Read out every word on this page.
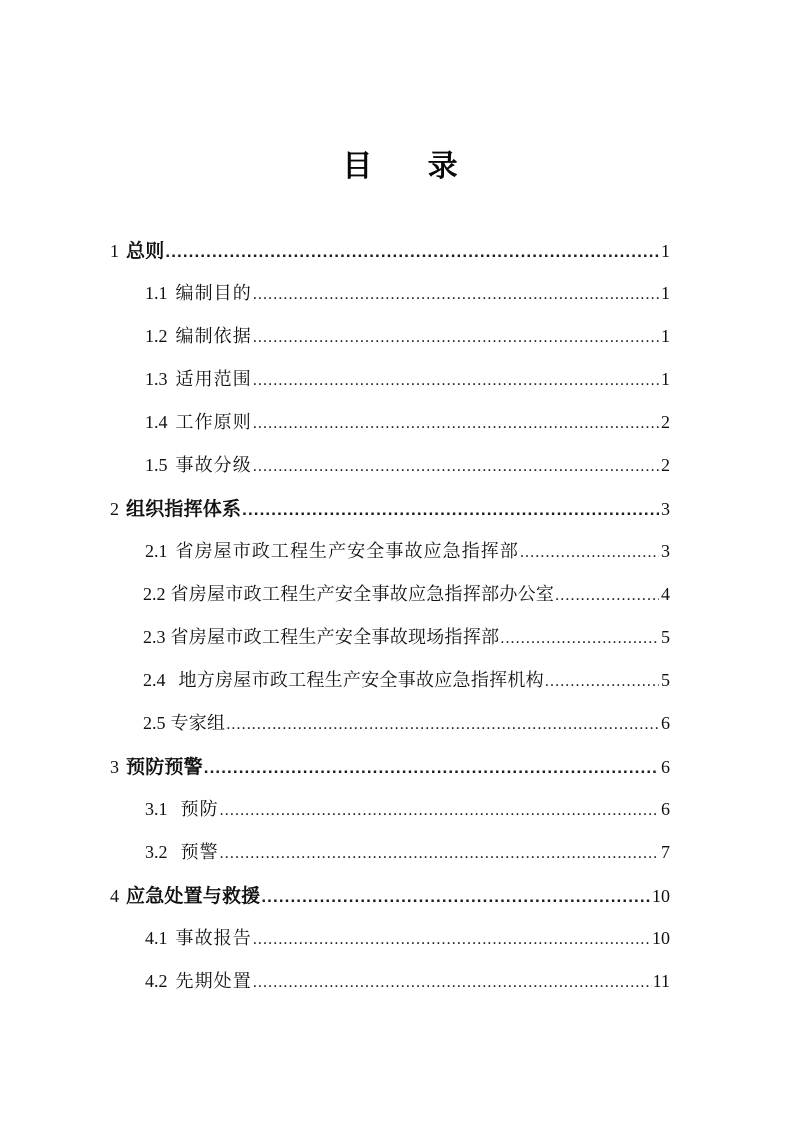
目　录
1 总则 .....	1
1.1 编制目的 .....	1
1.2 编制依据 .....	1
1.3 适用范围 .....	1
1.4 工作原则 .....	2
1.5 事故分级 .....	2
2 组织指挥体系 .....	3
2.1 省房屋市政工程生产安全事故应急指挥部 .....	3
2.2 省房屋市政工程生产安全事故应急指挥部办公室 .....	4
2.3 省房屋市政工程生产安全事故现场指挥部 .....	5
2.4 地方房屋市政工程生产安全事故应急指挥机构 .....	5
2.5 专家组 .....	6
3 预防预警 .....	6
3.1 预防 .....	6
3.2 预警 .....	7
4 应急处置与救援 .....	10
4.1 事故报告 .....	10
4.2 先期处置 .....	11
